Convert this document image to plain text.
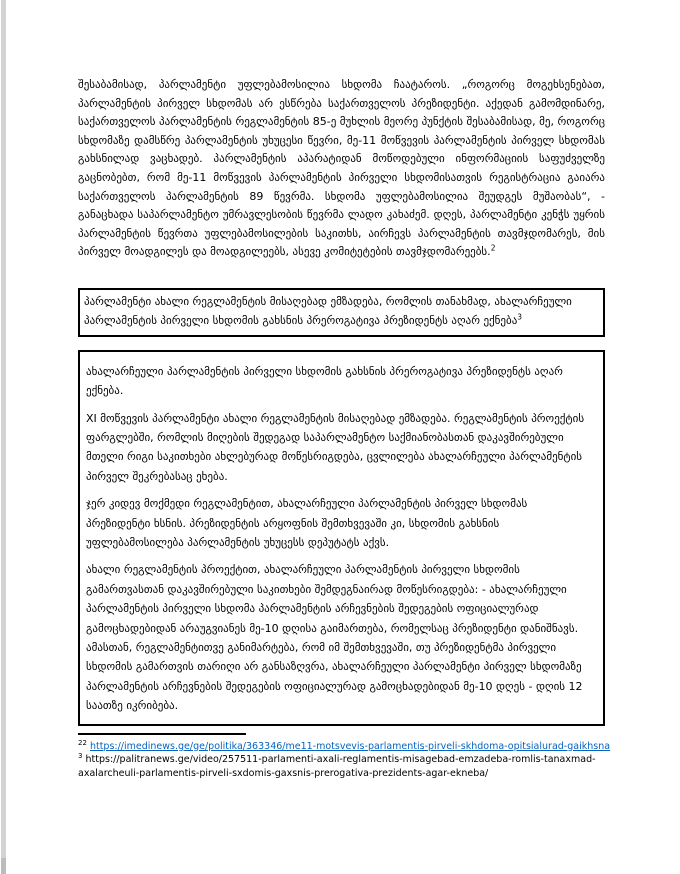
შესაბამისად, პარლამენტი უფლებამოსილია სხდომა ჩაატაროს. „როგორც მოგეხსენებათ, პარლამენტის პირველ სხდომას არ ესწრება საქართველოს პრეზიდენტი. აქედან გამომდინარე, საქართველოს პარლამენტის რეგლამენტის 85-ე მუხლის მეორე პუნქტის შესაბამისად, მე, როგორც სხდომაზე დამსწრე პარლამენტის უხუცესი წევრი, მე-11 მოწვევის პარლამენტის პირველ სხდომას გახსნილად ვაცხადებ. პარლამენტის აპარატიდან მოწოდებული ინფორმაციის საფუძველზე გაცნობებთ, რომ მე-11 მოწვევის პარლამენტის პირველი სხდომისათვის რეგისტრაცია გაიარა საქართველოს პარლამენტის 89 წევრმა. სხდომა უფლებამოსილია შეუდგეს მუშაობას“, - განაცხადა საპარლამენტო უმრავლესობის წევრმა ლადო კახაძემ. დღეს, პარლამენტი კენჭს უყრის პარლამენტის წევრთა უფლებამოსილების საკითხს, აირჩევს პარლამენტის თავმჯდომარეს, მის პირველ მოადგილეს და მოადგილეებს, ასევე კომიტეტების თავმჯდომარეებს.$^2$

პარლამენტი ახალი რეგლამენტის მისაღებად ემზადება, რომლის თანახმად, ახალარჩეული პარლამენტის პირველი სხდომის გახსნის პრეროგატივა პრეზიდენტს აღარ ექნება$^3$

ახალარჩეული პარლამენტის პირველი სხდომის გახსნის პრეროგატივა პრეზიდენტს აღარ ექნება.

XI მოწვევის პარლამენტი ახალი რეგლამენტის მისაღებად ემზადება. რეგლამენტის პროექტის ფარგლებში, რომლის მიღების შედეგად საპარლამენტო საქმიანობასთან დაკავშირებული მთელი რიგი საკითხები ახლებურად მოწესრიგდება, ცვლილება ახალარჩეული პარლამენტის პირველ შეკრებასაც ეხება.

ჯერ კიდევ მოქმედი რეგლამენტით, ახალარჩეული პარლამენტის პირველ სხდომას პრეზიდენტი ხსნის. პრეზიდენტის არყოფნის შემთხვევაში კი, სხდომის გახსნის უფლებამოსილება პარლამენტის უხუცესს დეპუტატს აქვს.

ახალი რეგლამენტის პროექტით, ახალარჩეული პარლამენტის პირველი სხდომის გამართვასთან დაკავშირებული საკითხები შემდეგნაირად მოწესრიგდება: - ახალარჩეული პარლამენტის პირველი სხდომა პარლამენტის არჩევნების შედეგების ოფიციალურად გამოცხადებიდან არაუგვიანეს მე-10 დღისა გაიმართება, რომელსაც პრეზიდენტი დანიშნავს. ამასთან, რეგლამენტითვე განიმარტება, რომ იმ შემთხვევაში, თუ პრეზიდენტმა პირველი სხდომის გამართვის თარიღი არ განსაზღვრა, ახალარჩეული პარლამენტი პირველ სხდომაზე პარლამენტის არჩევნების შედეგების ოფიციალურად გამოცხადებიდან მე-10 დღეს - დღის 12 საათზე იკრიბება.

$^{22}$ https://imedinews.ge/ge/politika/363346/me11-motsvevis-parlamentis-pirveli-skhdoma-opitsialurad-gaikhsna
$^3$ https://palitranews.ge/video/257511-parlamenti-axali-reglamentis-misagebad-emzadeba-romlis-tanaxmad-
axalarcheuli-parlamentis-pirveli-sxdomis-gaxsnis-prerogativa-prezidents-agar-ekneba/
